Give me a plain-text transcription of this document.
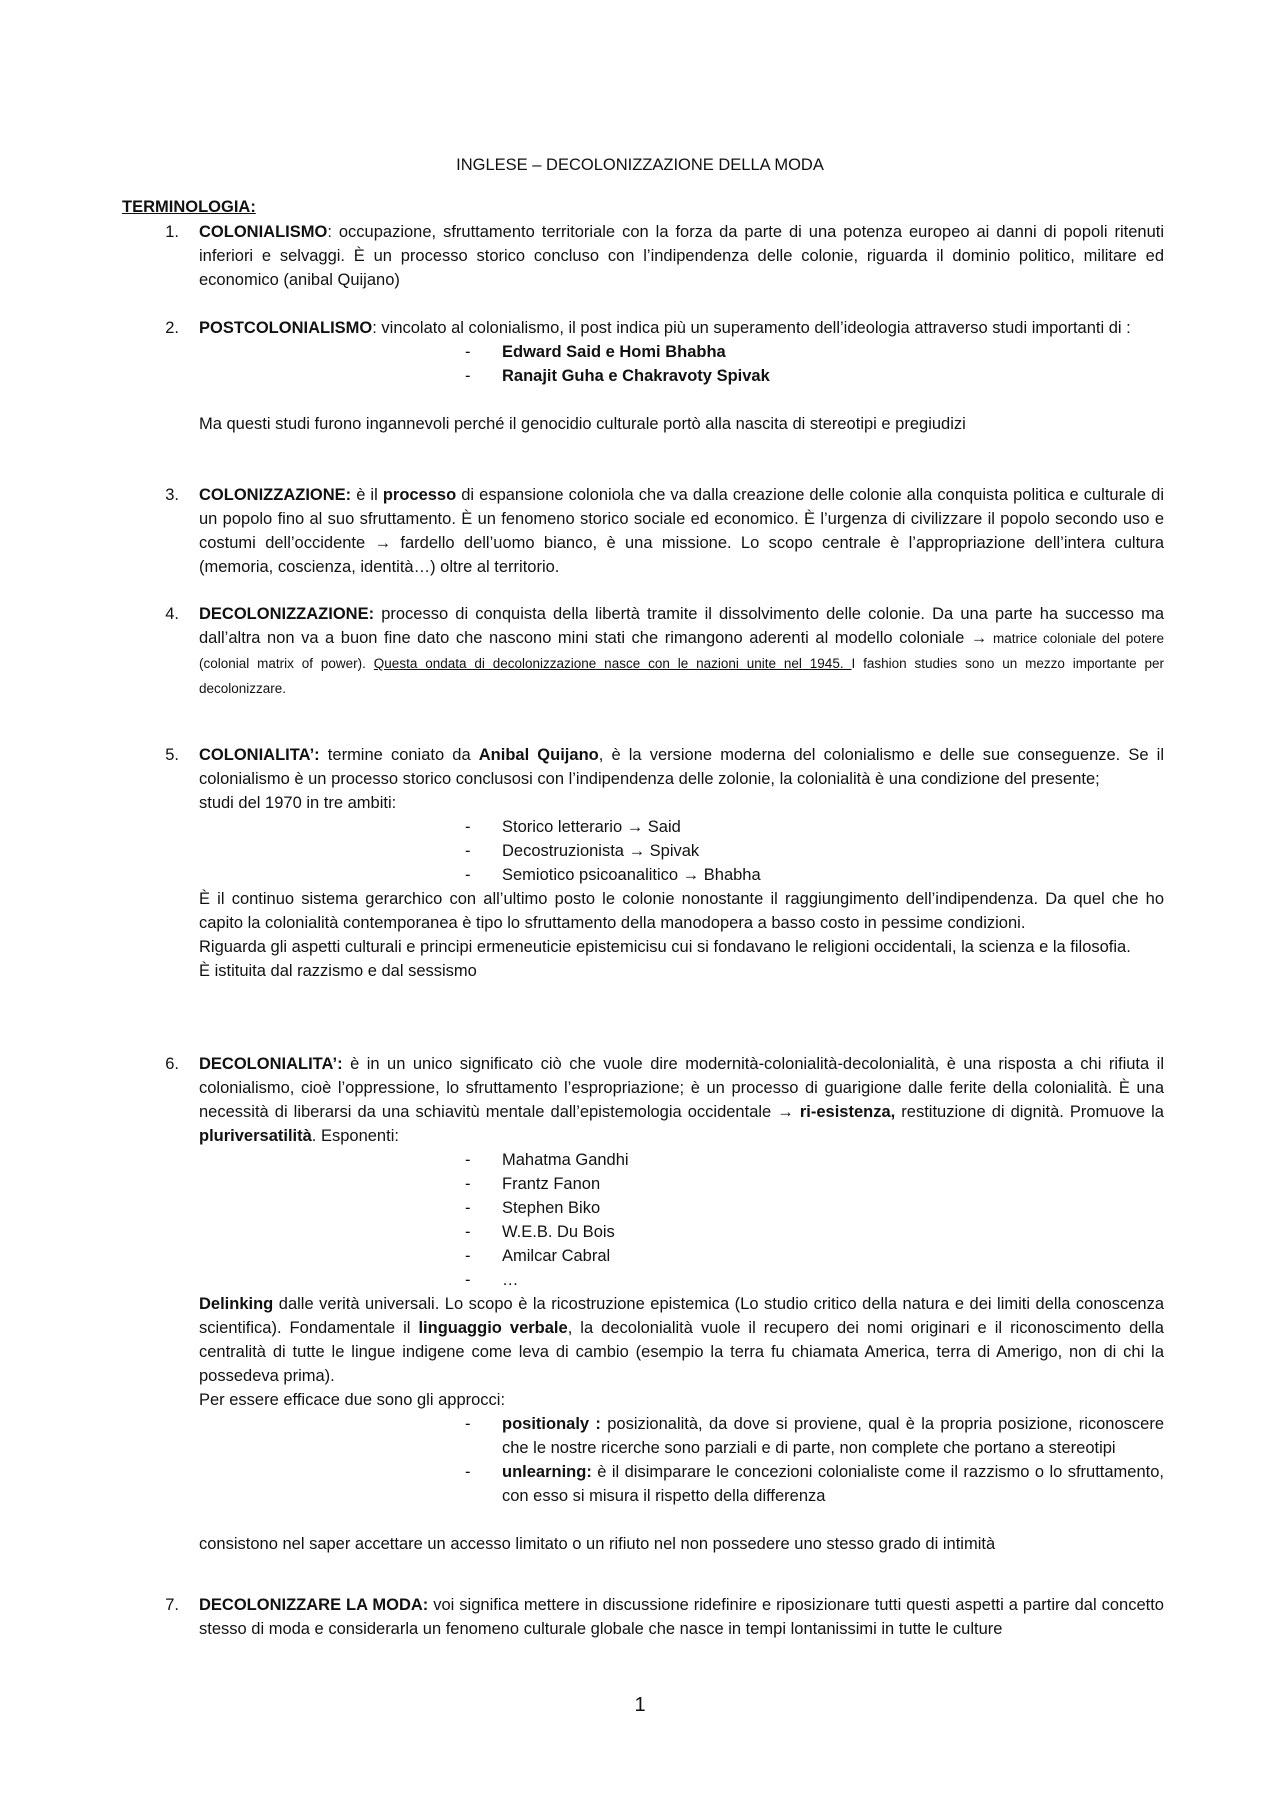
INGLESE – DECOLONIZZAZIONE DELLA MODA
TERMINOLOGIA:
1. COLONIALISMO: occupazione, sfruttamento territoriale con la forza da parte di una potenza europeo ai danni di popoli ritenuti inferiori e selvaggi. È un processo storico concluso con l’indipendenza delle colonie, riguarda il dominio politico, militare ed economico (anibal Quijano)

2. POSTCOLONIALISMO: vincolato al colonialismo, il post indica più un superamento dell’ideologia attraverso studi importanti di :

- Edward Said e Homi Bhabha
- Ranajit Guha e Chakravoty Spivak

Ma questi studi furono ingannevoli perché il genocidio culturale portò alla nascita di stereotipi e pregiudizi

3. COLONIZZAZIONE: è il processo di espansione coloniola che va dalla creazione delle colonie alla conquista politica e culturale di un popolo fino al suo sfruttamento. È un fenomeno storico sociale ed economico. È l’urgenza di civilizzare il popolo secondo uso e costumi dell’occidente → fardello dell’uomo bianco, è una missione. Lo scopo centrale è l’appropriazione dell’intera cultura (memoria, coscienza, identità…) oltre al territorio.

4. DECOLONIZZAZIONE: processo di conquista della libertà tramite il dissolvimento delle colonie. Da una parte ha successo ma dall’altra non va a buon fine dato che nascono mini stati che rimangono aderenti al modello coloniale → matrice coloniale del potere (colonial matrix of power). Questa ondata di decolonizzazione nasce con le nazioni unite nel 1945. I fashion studies sono un mezzo importante per decolonizzare.

5. COLONIALITA’: termine coniato da Anibal Quijano, è la versione moderna del colonialismo e delle sue conseguenze. Se il colonialismo è un processo storico conclusosi con l’indipendenza delle zolonie, la colonialità è una condizione del presente;

studi del 1970 in tre ambiti:

- Storico letterario → Said
- Decostruzionista → Spivak
- Semiotico psicoanalitico → Bhabha

È il continuo sistema gerarchico con all’ultimo posto le colonie nonostante il raggiungimento dell’indipendenza. Da quel che ho capito la colonialità contemporanea è tipo lo sfruttamento della manodopera a basso costo in pessime condizioni.

Riguarda gli aspetti culturali e principi ermeneuticie epistemicisu cui si fondavano le religioni occidentali, la scienza e la filosofia.

È istituita dal razzismo e dal sessismo

6. DECOLONIALITA’: è in un unico significato ciò che vuole dire modernità-colonialità-decolonialità, è una risposta a chi rifiuta il colonialismo, cioè l’oppressione, lo sfruttamento l’espropriazione; è un processo di guarigione dalle ferite della colonialità. È una necessità di liberarsi da una schiavitù mentale dall’epistemologia occidentale → ri-esistenza, restituzione di dignità. Promuove la pluriversatilità. Esponenti:

- Mahatma Gandhi
- Frantz Fanon
- Stephen Biko
- W.E.B. Du Bois
- Amilcar Cabral
- …

Delinking dalle verità universali. Lo scopo è la ricostruzione epistemica (Lo studio critico della natura e dei limiti della conoscenza scientifica). Fondamentale il linguaggio verbale, la decolonialità vuole il recupero dei nomi originari e il riconoscimento della centralità di tutte le lingue indigene come leva di cambio (esempio la terra fu chiamata America, terra di Amerigo, non di chi la possedeva prima).

Per essere efficace due sono gli approcci:

- positionaly : posizionalità, da dove si proviene, qual è la propria posizione, riconoscere che le nostre ricerche sono parziali e di parte, non complete che portano a stereotipi
- unlearning: è il disimparare le concezioni colonialiste come il razzismo o lo sfruttamento, con esso si misura il rispetto della differenza

consistono nel saper accettare un accesso limitato o un rifiuto nel non possedere uno stesso grado di intimità

7. DECOLONIZZARE LA MODA: voi significa mettere in discussione ridefinire e riposizionare tutti questi aspetti a partire dal concetto stesso di moda e considerarla un fenomeno culturale globale che nasce in tempi lontanissimi in tutte le culture

1
